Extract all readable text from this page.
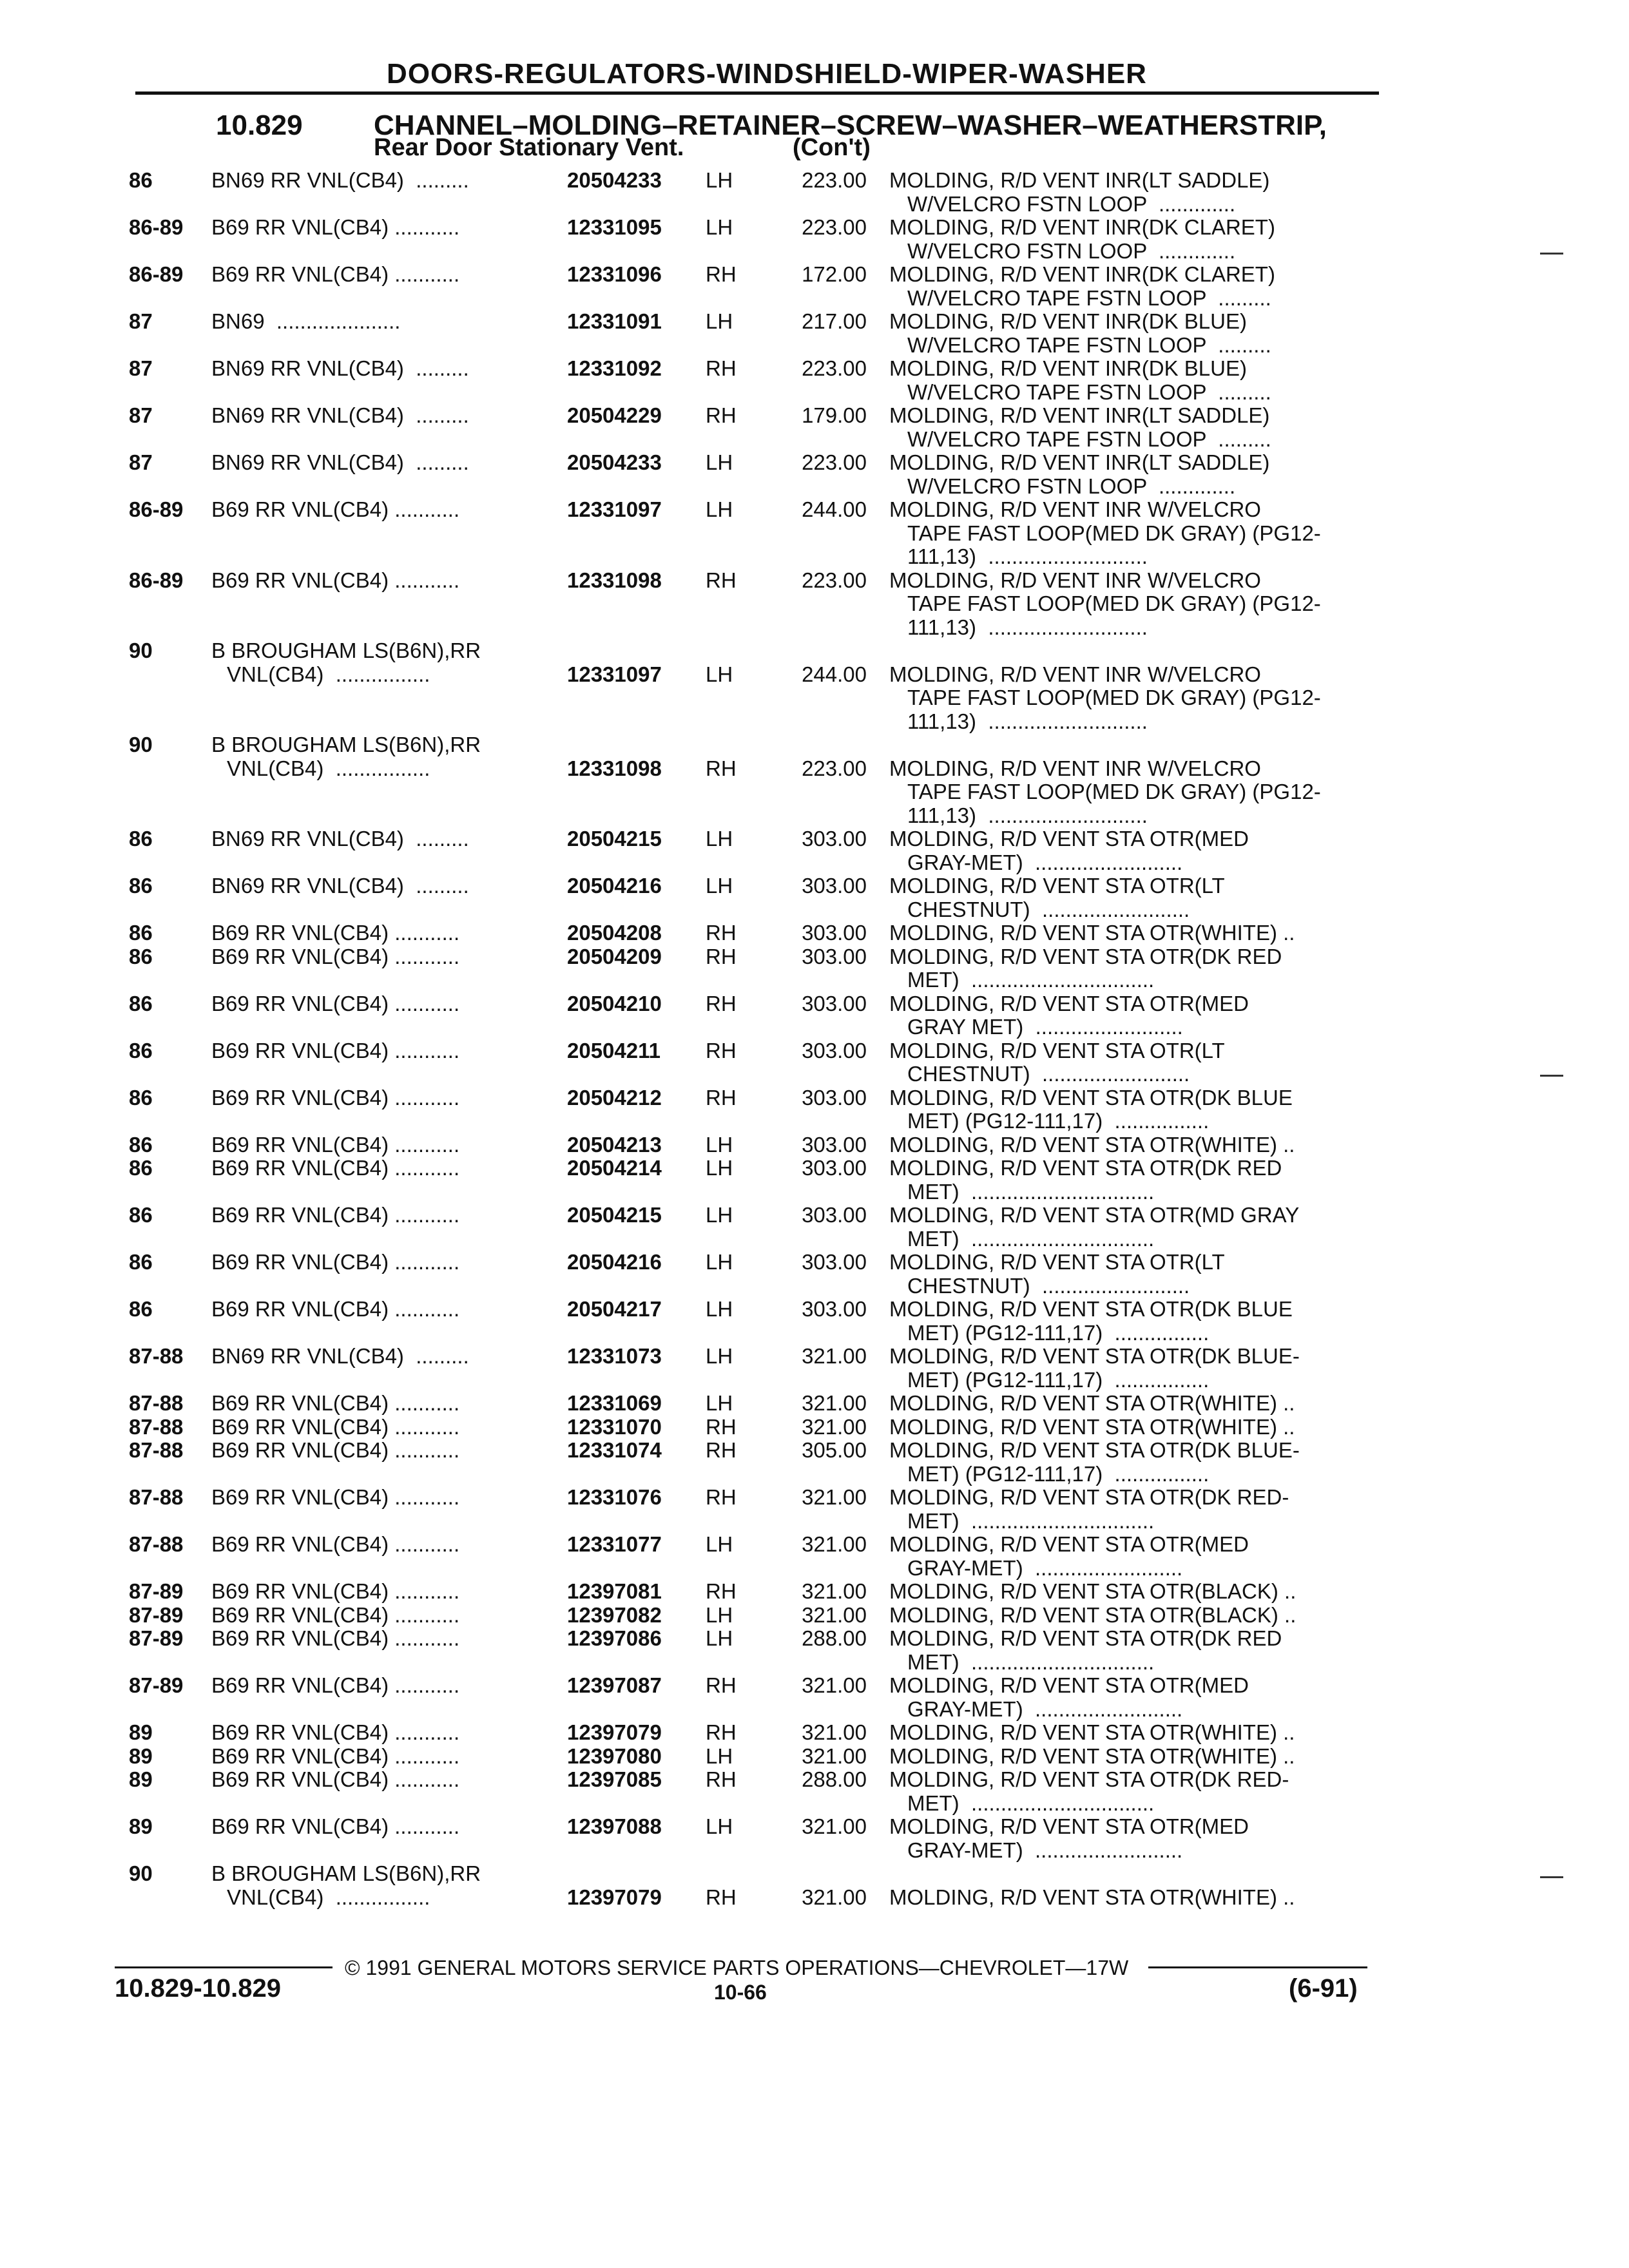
DOORS-REGULATORS-WINDSHIELD-WIPER-WASHER
10.829	CHANNEL–MOLDING–RETAINER–SCREW–WASHER–WEATHERSTRIP,
Rear Door Stationary Vent.	(Con't)
86	BN69 RR VNL(CB4)  .........	20504233 LH	223.00 MOLDING, R/D VENT INR(LT SADDLE)
W/VELCRO FSTN LOOP  .............
86-89 B69 RR VNL(CB4) ...........	12331095 LH	223.00 MOLDING, R/D VENT INR(DK CLARET)
W/VELCRO FSTN LOOP  .............
86-89 B69 RR VNL(CB4) ...........	12331096 RH	172.00 MOLDING, R/D VENT INR(DK CLARET)
W/VELCRO TAPE FSTN LOOP  .........
87	BN69  .....................	12331091 LH	217.00 MOLDING, R/D VENT INR(DK BLUE)
W/VELCRO TAPE FSTN LOOP  .........
87	BN69 RR VNL(CB4)  .........	12331092 RH	223.00 MOLDING, R/D VENT INR(DK BLUE)
W/VELCRO TAPE FSTN LOOP  .........
87	BN69 RR VNL(CB4)  .........	20504229 RH	179.00 MOLDING, R/D VENT INR(LT SADDLE)
W/VELCRO TAPE FSTN LOOP  .........
87	BN69 RR VNL(CB4)  .........	20504233 LH	223.00 MOLDING, R/D VENT INR(LT SADDLE)
W/VELCRO FSTN LOOP  .............
86-89 B69 RR VNL(CB4) ...........	12331097 LH	244.00 MOLDING, R/D VENT INR W/VELCRO
TAPE FAST LOOP(MED DK GRAY) (PG12-
111,13)  ...........................
86-89 B69 RR VNL(CB4) ...........	12331098 RH	223.00 MOLDING, R/D VENT INR W/VELCRO
TAPE FAST LOOP(MED DK GRAY) (PG12-
111,13)  ...........................
90	B BROUGHAM LS(B6N),RR
VNL(CB4)  ................	12331097 LH	244.00 MOLDING, R/D VENT INR W/VELCRO
TAPE FAST LOOP(MED DK GRAY) (PG12-
111,13)  ...........................
90	B BROUGHAM LS(B6N),RR
VNL(CB4)  ................	12331098 RH	223.00 MOLDING, R/D VENT INR W/VELCRO
TAPE FAST LOOP(MED DK GRAY) (PG12-
111,13)  ...........................
86	BN69 RR VNL(CB4)  .........	20504215 LH	303.00 MOLDING, R/D VENT STA OTR(MED
GRAY-MET)  .........................
86	BN69 RR VNL(CB4)  .........	20504216 LH	303.00 MOLDING, R/D VENT STA OTR(LT
CHESTNUT)  .........................
86	B69 RR VNL(CB4) ...........	20504208 RH	303.00 MOLDING, R/D VENT STA OTR(WHITE) ..
86	B69 RR VNL(CB4) ...........	20504209 RH	303.00 MOLDING, R/D VENT STA OTR(DK RED
MET)  ...............................
86	B69 RR VNL(CB4) ...........	20504210 RH	303.00 MOLDING, R/D VENT STA OTR(MED
GRAY MET)  .........................
86	B69 RR VNL(CB4) ...........	20504211 RH	303.00 MOLDING, R/D VENT STA OTR(LT
CHESTNUT)  .........................
86	B69 RR VNL(CB4) ...........	20504212 RH	303.00 MOLDING, R/D VENT STA OTR(DK BLUE
MET) (PG12-111,17)  ................
86	B69 RR VNL(CB4) ...........	20504213 LH	303.00 MOLDING, R/D VENT STA OTR(WHITE) ..
86	B69 RR VNL(CB4) ...........	20504214 LH	303.00 MOLDING, R/D VENT STA OTR(DK RED
MET)  ...............................
86	B69 RR VNL(CB4) ...........	20504215 LH	303.00 MOLDING, R/D VENT STA OTR(MD GRAY
MET)  ...............................
86	B69 RR VNL(CB4) ...........	20504216 LH	303.00 MOLDING, R/D VENT STA OTR(LT
CHESTNUT)  .........................
86	B69 RR VNL(CB4) ...........	20504217 LH	303.00 MOLDING, R/D VENT STA OTR(DK BLUE
MET) (PG12-111,17)  ................
87-88 BN69 RR VNL(CB4)  .........	12331073 LH	321.00 MOLDING, R/D VENT STA OTR(DK BLUE-
MET) (PG12-111,17)  ................
87-88 B69 RR VNL(CB4) ...........	12331069 LH	321.00 MOLDING, R/D VENT STA OTR(WHITE) ..
87-88 B69 RR VNL(CB4) ...........	12331070 RH	321.00 MOLDING, R/D VENT STA OTR(WHITE) ..
87-88 B69 RR VNL(CB4) ...........	12331074 RH	305.00 MOLDING, R/D VENT STA OTR(DK BLUE-
MET) (PG12-111,17)  ................
87-88 B69 RR VNL(CB4) ...........	12331076 RH	321.00 MOLDING, R/D VENT STA OTR(DK RED-
MET)  ...............................
87-88 B69 RR VNL(CB4) ...........	12331077 LH	321.00 MOLDING, R/D VENT STA OTR(MED
GRAY-MET)  .........................
87-89 B69 RR VNL(CB4) ...........	12397081 RH	321.00 MOLDING, R/D VENT STA OTR(BLACK) ..
87-89 B69 RR VNL(CB4) ...........	12397082 LH	321.00 MOLDING, R/D VENT STA OTR(BLACK) ..
87-89 B69 RR VNL(CB4) ...........	12397086 LH	288.00 MOLDING, R/D VENT STA OTR(DK RED
MET)  ...............................
87-89 B69 RR VNL(CB4) ...........	12397087 RH	321.00 MOLDING, R/D VENT STA OTR(MED
GRAY-MET)  .........................
89	B69 RR VNL(CB4) ...........	12397079 RH	321.00 MOLDING, R/D VENT STA OTR(WHITE) ..
89	B69 RR VNL(CB4) ...........	12397080 LH	321.00 MOLDING, R/D VENT STA OTR(WHITE) ..
89	B69 RR VNL(CB4) ...........	12397085 RH	288.00 MOLDING, R/D VENT STA OTR(DK RED-
MET)  ...............................
89	B69 RR VNL(CB4) ...........	12397088 LH	321.00 MOLDING, R/D VENT STA OTR(MED
GRAY-MET)  .........................
90	B BROUGHAM LS(B6N),RR
VNL(CB4)  ................	12397079 RH	321.00 MOLDING, R/D VENT STA OTR(WHITE) ..
© 1991 GENERAL MOTORS SERVICE PARTS OPERATIONS—CHEVROLET—17W
10.829-10.829	10-66	(6-91)
